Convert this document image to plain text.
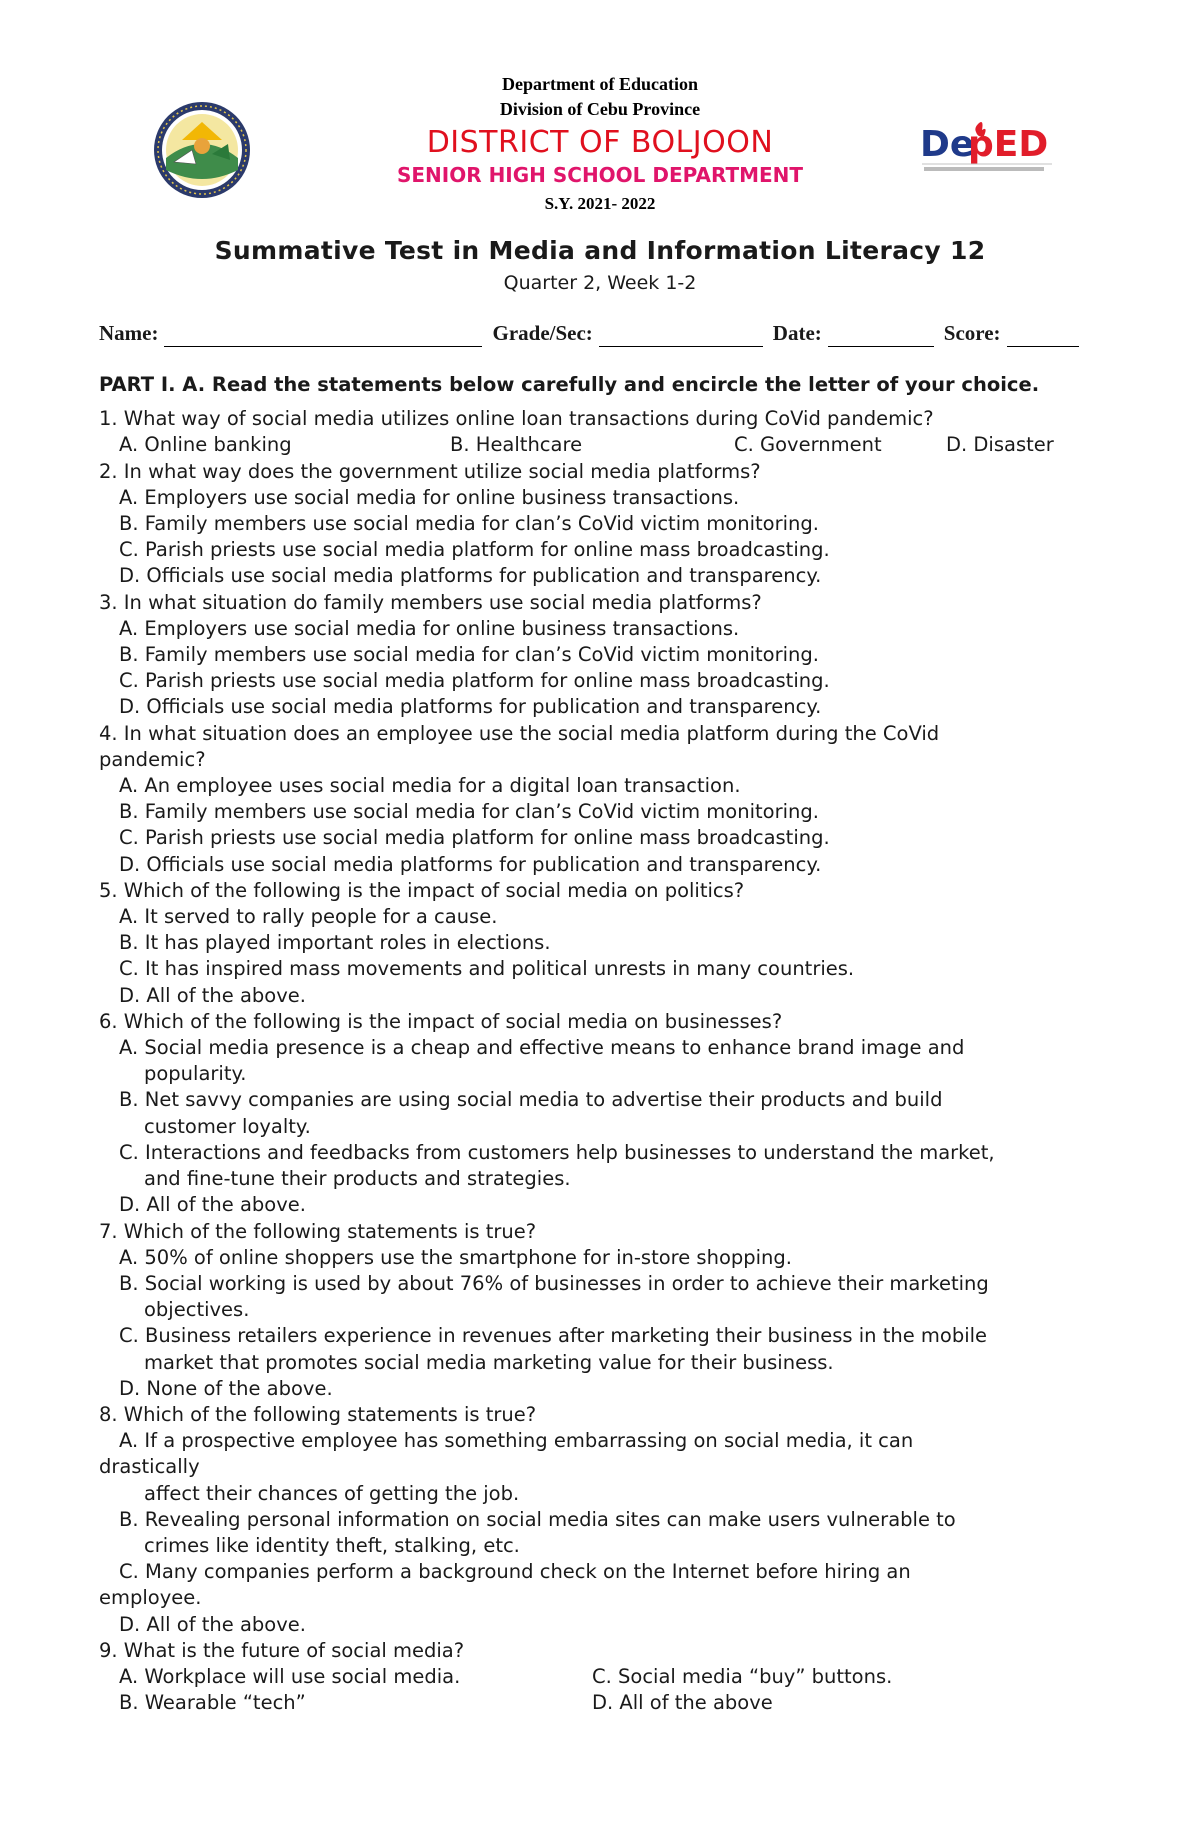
Department of Education
Division of Cebu Province
DISTRICT OF BOLJOON
SENIOR HIGH SCHOOL DEPARTMENT
S.Y. 2021- 2022
De
pED
Summative Test in Media and Information Literacy 12
Quarter 2, Week 1-2
Name:	Grade/Sec:	Date:	Score:
PART I. A. Read the statements below carefully and encircle the letter of your choice.
1. What way of social media utilizes online loan transactions during CoVid pandemic?
A. Online banking	B. Healthcare	C. Government	D. Disaster
2. In what way does the government utilize social media platforms?
A. Employers use social media for online business transactions.
B. Family members use social media for clan’s CoVid victim monitoring.
C. Parish priests use social media platform for online mass broadcasting.
D. Officials use social media platforms for publication and transparency.
3. In what situation do family members use social media platforms?
A. Employers use social media for online business transactions.
B. Family members use social media for clan’s CoVid victim monitoring.
C. Parish priests use social media platform for online mass broadcasting.
D. Officials use social media platforms for publication and transparency.
4. In what situation does an employee use the social media platform during the CoVid
pandemic?
A. An employee uses social media for a digital loan transaction.
B. Family members use social media for clan’s CoVid victim monitoring.
C. Parish priests use social media platform for online mass broadcasting.
D. Officials use social media platforms for publication and transparency.
5. Which of the following is the impact of social media on politics?
A. It served to rally people for a cause.
B. It has played important roles in elections.
C. It has inspired mass movements and political unrests in many countries.
D. All of the above.
6. Which of the following is the impact of social media on businesses?
A. Social media presence is a cheap and effective means to enhance brand image and
popularity.
B. Net savvy companies are using social media to advertise their products and build
customer loyalty.
C. Interactions and feedbacks from customers help businesses to understand the market,
and fine-tune their products and strategies.
D. All of the above.
7. Which of the following statements is true?
A. 50% of online shoppers use the smartphone for in-store shopping.
B. Social working is used by about 76% of businesses in order to achieve their marketing
objectives.
C. Business retailers experience in revenues after marketing their business in the mobile
market that promotes social media marketing value for their business.
D. None of the above.
8. Which of the following statements is true?
A. If a prospective employee has something embarrassing on social media, it can
drastically
affect their chances of getting the job.
B. Revealing personal information on social media sites can make users vulnerable to
crimes like identity theft, stalking, etc.
C. Many companies perform a background check on the Internet before hiring an
employee.
D. All of the above.
9. What is the future of social media?
A. Workplace will use social media.	C. Social media “buy” buttons.
B. Wearable “tech”	D. All of the above
